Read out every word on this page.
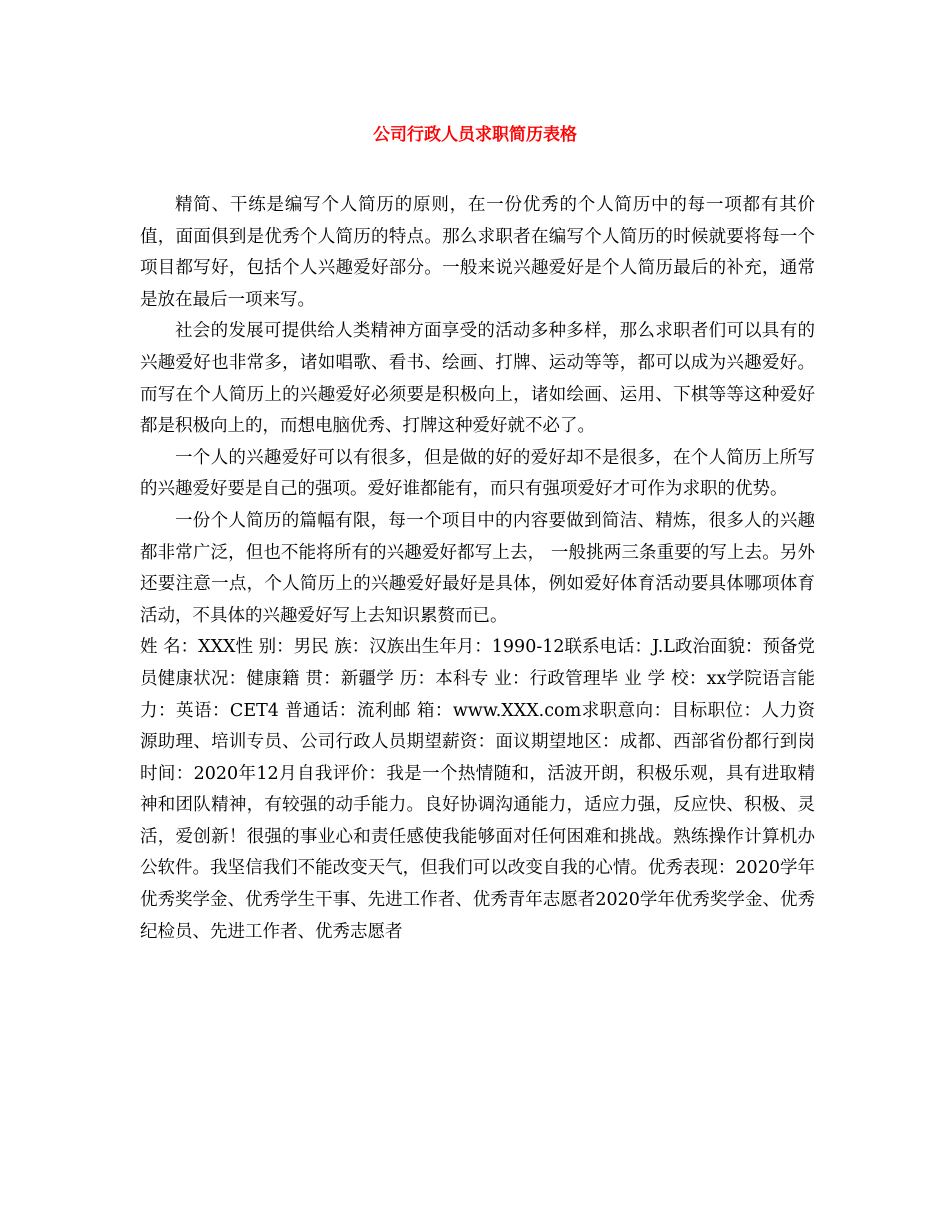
公司行政人员求职简历表格

精简、干练是编写个人简历的原则，在一份优秀的个人简历中的每一项都有其价值，面面俱到是优秀个人简历的特点。那么求职者在编写个人简历的时候就要将每一个项目都写好，包括个人兴趣爱好部分。一般来说兴趣爱好是个人简历最后的补充，通常是放在最后一项来写。

社会的发展可提供给人类精神方面享受的活动多种多样，那么求职者们可以具有的兴趣爱好也非常多，诸如唱歌、看书、绘画、打牌、运动等等，都可以成为兴趣爱好。而写在个人简历上的兴趣爱好必须要是积极向上，诸如绘画、运用、下棋等等这种爱好都是积极向上的，而想电脑优秀、打牌这种爱好就不必了。

一个人的兴趣爱好可以有很多，但是做的好的爱好却不是很多，在个人简历上所写的兴趣爱好要是自己的强项。爱好谁都能有，而只有强项爱好才可作为求职的优势。

一份个人简历的篇幅有限，每一个项目中的内容要做到简洁、精炼，很多人的兴趣都非常广泛，但也不能将所有的兴趣爱好都写上去， 一般挑两三条重要的写上去。另外还要注意一点，个人简历上的兴趣爱好最好是具体，例如爱好体育活动要具体哪项体育活动，不具体的兴趣爱好写上去知识累赘而已。

姓 名：XXX性 别：男民 族：汉族出生年月：1990-12联系电话：J.L政治面貌：预备党员健康状况：健康籍 贯：新疆学 历：本科专 业：行政管理毕 业 学 校：xx学院语言能力：英语：CET4 普通话：流利邮 箱：www.XXX.com求职意向：目标职位：人力资源助理、培训专员、公司行政人员期望薪资：面议期望地区：成都、西部省份都行到岗时间：2020年12月自我评价：我是一个热情随和，活波开朗，积极乐观，具有进取精神和团队精神，有较强的动手能力。良好协调沟通能力，适应力强，反应快、积极、灵活，爱创新！很强的事业心和责任感使我能够面对任何困难和挑战。熟练操作计算机办公软件。我坚信我们不能改变天气，但我们可以改变自我的心情。优秀表现：2020学年优秀奖学金、优秀学生干事、先进工作者、优秀青年志愿者2020学年优秀奖学金、优秀纪检员、先进工作者、优秀志愿者
